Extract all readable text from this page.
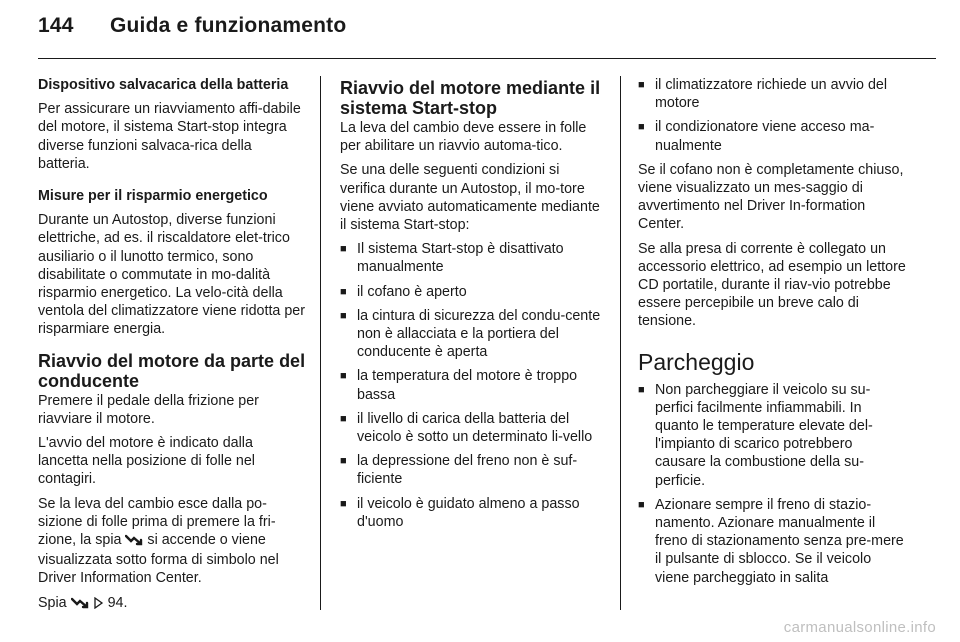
144 Guida e funzionamento

Dispositivo salvacarica della batteria

Per assicurare un riavviamento affi-dabile del motore, il sistema Start-stop integra diverse funzioni salvaca-rica della batteria.

Misure per il risparmio energetico

Durante un Autostop, diverse funzioni elettriche, ad es. il riscaldatore elet-trico ausiliario o il lunotto termico, sono disabilitate o commutate in mo-dalità risparmio energetico. La velo-cità della ventola del climatizzatore viene ridotta per risparmiare energia.

Riavvio del motore da parte del conducente

Premere il pedale della frizione per riavviare il motore.

L'avvio del motore è indicato dalla lancetta nella posizione di folle nel contagiri.

Se la leva del cambio esce dalla po-sizione di folle prima di premere la fri-zione, la spia si accende o viene visualizzata sotto forma di simbolo nel Driver Information Center.

Spia	94.

Riavvio del motore mediante il sistema Start-stop

La leva del cambio deve essere in folle per abilitare un riavvio automa-tico.

Se una delle seguenti condizioni si verifica durante un Autostop, il mo-tore viene avviato automaticamente mediante il sistema Start-stop:

■ Il sistema Start-stop è disattivato manualmente
■ il cofano è aperto
■ la cintura di sicurezza del condu-cente non è allacciata e la portiera del conducente è aperta
■ la temperatura del motore è troppo bassa
■ il livello di carica della batteria del veicolo è sotto un determinato li-vello
■ la depressione del freno non è suf-ficiente
■ il veicolo è guidato almeno a passo d'uomo
■ il climatizzatore richiede un avvio del motore
■ il condizionatore viene acceso ma-nualmente

Se il cofano non è completamente chiuso, viene visualizzato un mes-saggio di avvertimento nel Driver In-formation Center.

Se alla presa di corrente è collegato un accessorio elettrico, ad esempio un lettore CD portatile, durante il riav-vio potrebbe essere percepibile un breve calo di tensione.

Parcheggio
■ Non parcheggiare il veicolo su su-perfici facilmente infiammabili. In quanto le temperature elevate del-l'impianto di scarico potrebbero causare la combustione della su-perficie.
■ Azionare sempre il freno di stazio-namento. Azionare manualmente il freno di stazionamento senza pre-mere il pulsante di sblocco. Se il veicolo viene parcheggiato in salita
carmanualsonline.info
